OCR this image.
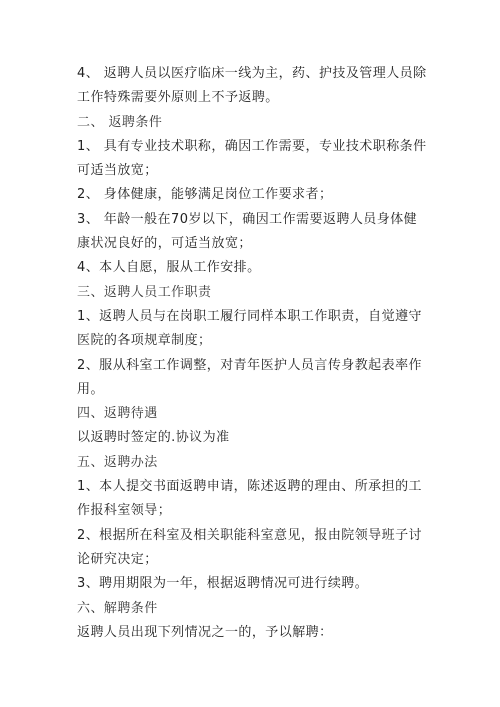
4、 返聘人员以医疗临床一线为主，药、护技及管理人员除
工作特殊需要外原则上不予返聘。
二、 返聘条件
1、 具有专业技术职称，确因工作需要，专业技术职称条件
可适当放宽；
2、 身体健康，能够满足岗位工作要求者；
3、 年龄一般在70岁以下，确因工作需要返聘人员身体健
康状况良好的，可适当放宽；
4、本人自愿，服从工作安排。
三、返聘人员工作职责
1、返聘人员与在岗职工履行同样本职工作职责，自觉遵守
医院的各项规章制度；
2、服从科室工作调整，对青年医护人员言传身教起表率作
用。
四、返聘待遇
以返聘时签定的.协议为准
五、返聘办法
1、本人提交书面返聘申请，陈述返聘的理由、所承担的工
作报科室领导；
2、根据所在科室及相关职能科室意见，报由院领导班子讨
论研究决定；
3、聘用期限为一年，根据返聘情况可进行续聘。
六、解聘条件
返聘人员出现下列情况之一的，予以解聘：
